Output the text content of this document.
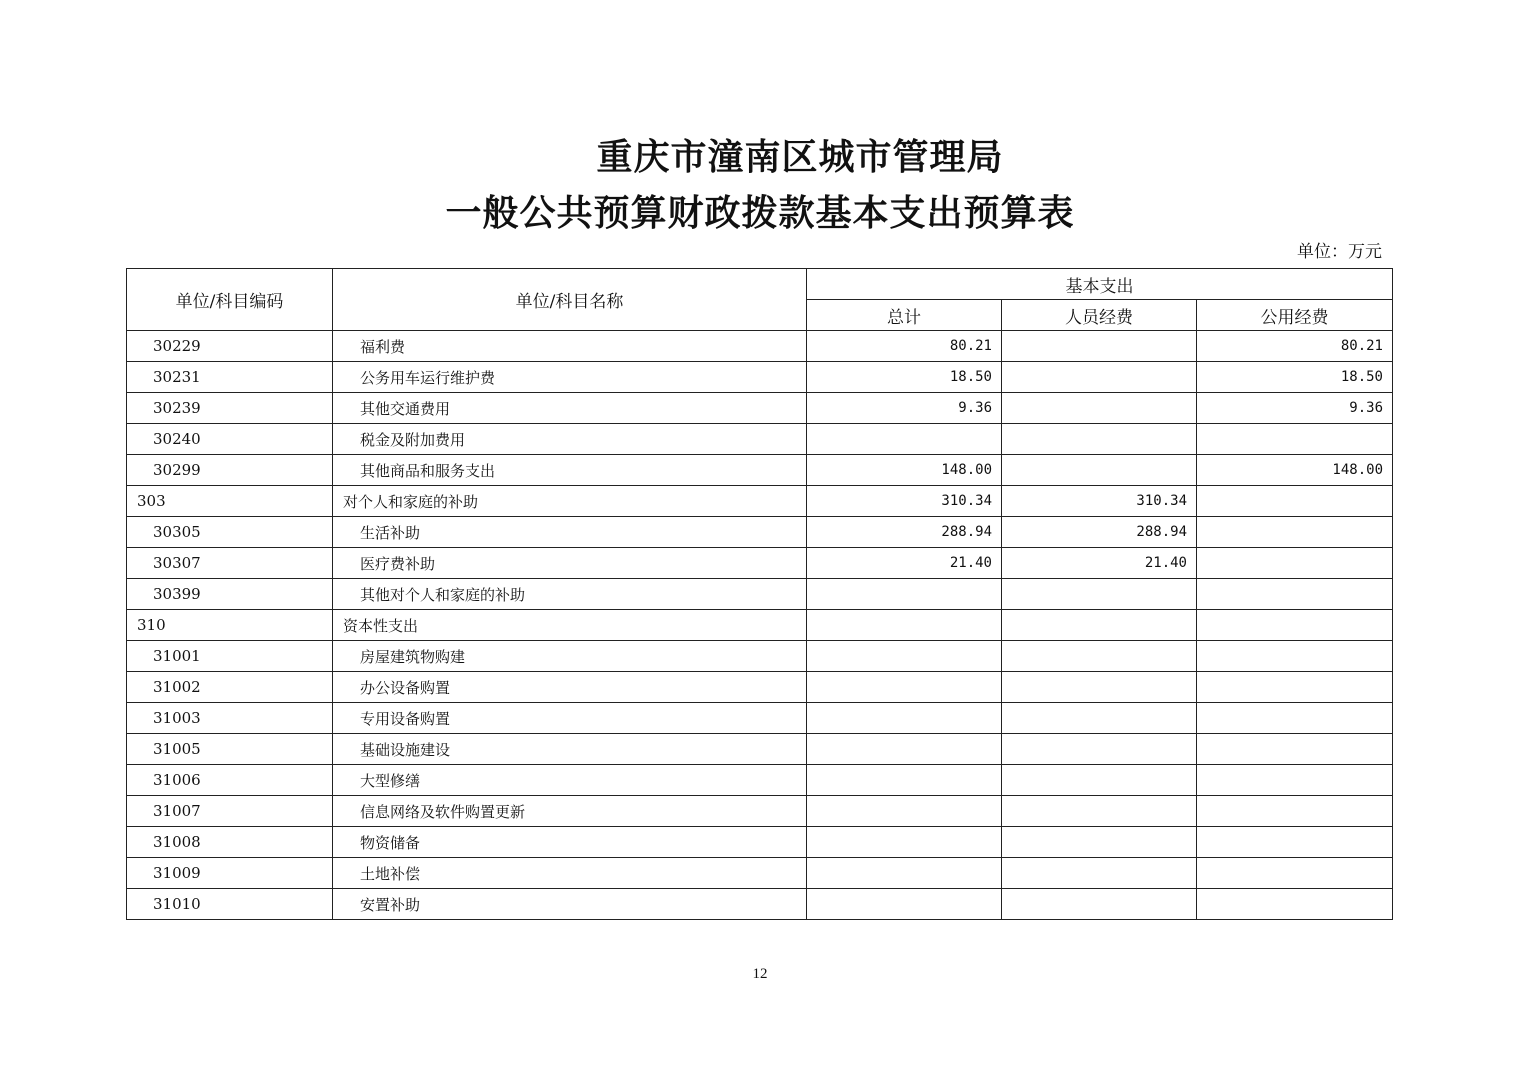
重庆市潼南区城市管理局
一般公共预算财政拨款基本支出预算表
单位：万元
单位/科目编码	单位/科目名称	基本支出		
		总计	人员经费	公用经费
30229	福利费	80.21		80.21
30231	公务用车运行维护费	18.50		18.50
30239	其他交通费用	9.36		9.36
30240	税金及附加费用			
30299	其他商品和服务支出	148.00		148.00
303	对个人和家庭的补助	310.34	310.34	
30305	生活补助	288.94	288.94	
30307	医疗费补助	21.40	21.40	
30399	其他对个人和家庭的补助			
310	资本性支出			
31001	房屋建筑物购建			
31002	办公设备购置			
31003	专用设备购置			
31005	基础设施建设			
31006	大型修缮			
31007	信息网络及软件购置更新			
31008	物资储备			
31009	土地补偿			
31010	安置补助			
12
